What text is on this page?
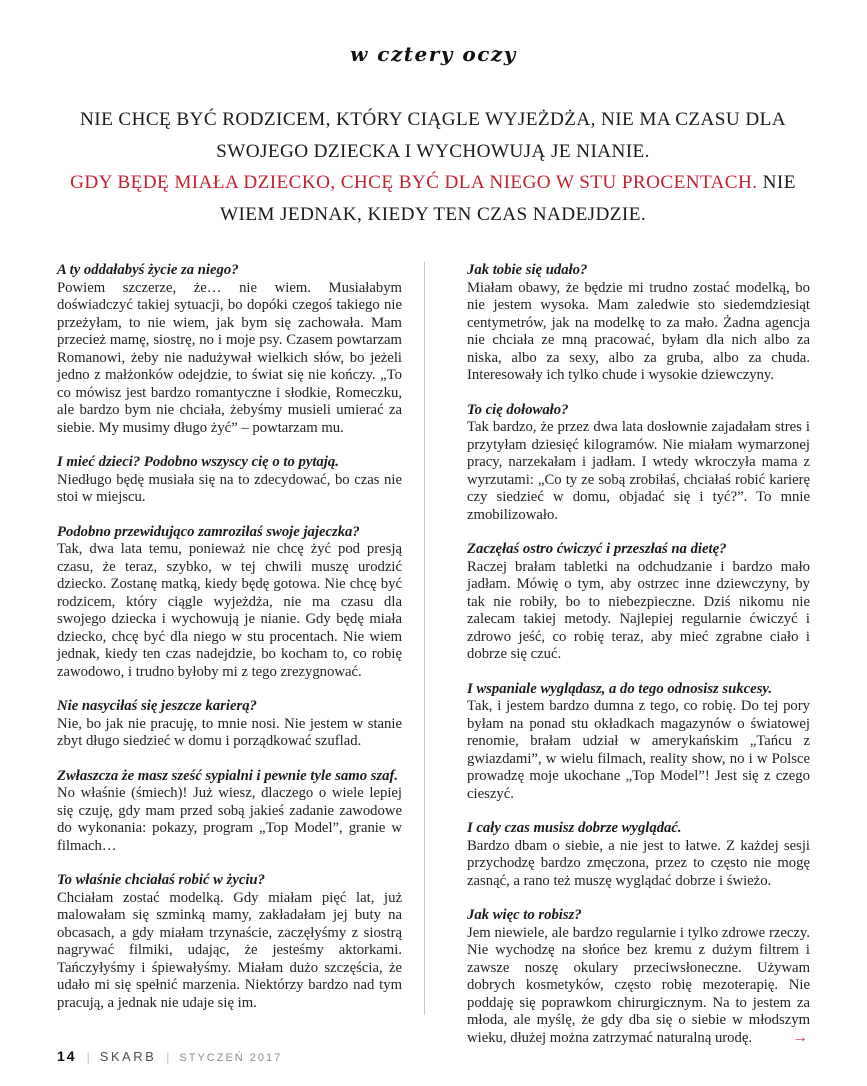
w cztery oczy
NIE CHCĘ BYĆ RODZICEM, KTÓRY CIĄGLE WYJEŻDŻA, NIE MA CZASU DLA SWOJEGO DZIECKA I WYCHOWUJĄ JE NIANIE.
GDY BĘDĘ MIAŁA DZIECKO, CHCĘ BYĆ DLA NIEGO W STU PROCENTACH. NIE WIEM JEDNAK, KIEDY TEN CZAS NADEJDZIE.

A ty oddałabyś życie za niego?

Powiem szczerze, że… nie wiem. Musiałabym doświadczyć takiej sytuacji, bo dopóki czegoś takiego nie przeżyłam, to nie wiem, jak bym się zachowała. Mam przecież mamę, siostrę, no i moje psy. Czasem powtarzam Romanowi, żeby nie nadużywał wielkich słów, bo jeżeli jedno z małżonków odejdzie, to świat się nie kończy. „To co mówisz jest bardzo romantyczne i słodkie, Romeczku, ale bardzo bym nie chciała, żebyśmy musieli umierać za siebie. My musimy długo żyć” – powtarzam mu.

I mieć dzieci? Podobno wszyscy cię o to pytają.

Niedługo będę musiała się na to zdecydować, bo czas nie stoi w miejscu.

Podobno przewidująco zamroziłaś swoje jajeczka?

Tak, dwa lata temu, ponieważ nie chcę żyć pod presją czasu, że teraz, szybko, w tej chwili muszę urodzić dziecko. Zostanę matką, kiedy będę gotowa. Nie chcę być rodzicem, który ciągle wyjeżdża, nie ma czasu dla swojego dziecka i wychowują je nianie. Gdy będę miała dziecko, chcę być dla niego w stu procentach. Nie wiem jednak, kiedy ten czas nadejdzie, bo kocham to, co robię zawodowo, i trudno byłoby mi z tego zrezygnować.

Nie nasyciłaś się jeszcze karierą?

Nie, bo jak nie pracuję, to mnie nosi. Nie jestem w stanie zbyt długo siedzieć w domu i porządkować szuflad.

Zwłaszcza że masz sześć sypialni i pewnie tyle samo szaf.

No właśnie (śmiech)! Już wiesz, dlaczego o wiele lepiej się czuję, gdy mam przed sobą jakieś zadanie zawodowe do wykonania: pokazy, program „Top Model”, granie w filmach…

To właśnie chciałaś robić w życiu?

Chciałam zostać modelką. Gdy miałam pięć lat, już malowałam się szminką mamy, zakładałam jej buty na obcasach, a gdy miałam trzynaście, zaczęłyśmy z siostrą nagrywać filmiki, udając, że jesteśmy aktorkami. Tańczyłyśmy i śpiewałyśmy. Miałam dużo szczęścia, że udało mi się spełnić marzenia. Niektórzy bardzo nad tym pracują, a jednak nie udaje się im.

Jak tobie się udało?

Miałam obawy, że będzie mi trudno zostać modelką, bo nie jestem wysoka. Mam zaledwie sto siedemdziesiąt centymetrów, jak na modelkę to za mało. Żadna agencja nie chciała ze mną pracować, byłam dla nich albo za niska, albo za sexy, albo za gruba, albo za chuda. Interesowały ich tylko chude i wysokie dziewczyny.

To cię dołowało?

Tak bardzo, że przez dwa lata dosłownie zajadałam stres i przytyłam dziesięć kilogramów. Nie miałam wymarzonej pracy, narzekałam i jadłam. I wtedy wkroczyła mama z wyrzutami: „Co ty ze sobą zrobiłaś, chciałaś robić karierę czy siedzieć w domu, objadać się i tyć?”. To mnie zmobilizowało.

Zaczęłaś ostro ćwiczyć i przeszłaś na dietę?

Raczej brałam tabletki na odchudzanie i bardzo mało jadłam. Mówię o tym, aby ostrzec inne dziewczyny, by tak nie robiły, bo to niebezpieczne. Dziś nikomu nie zalecam takiej metody. Najlepiej regularnie ćwiczyć i zdrowo jeść, co robię teraz, aby mieć zgrabne ciało i dobrze się czuć.

I wspaniale wyglądasz, a do tego odnosisz sukcesy.

Tak, i jestem bardzo dumna z tego, co robię. Do tej pory byłam na ponad stu okładkach magazynów o światowej renomie, brałam udział w amerykańskim „Tańcu z gwiazdami”, w wielu filmach, reality show, no i w Polsce prowadzę moje ukochane „Top Model”! Jest się z czego cieszyć.

I cały czas musisz dobrze wyglądać.

Bardzo dbam o siebie, a nie jest to łatwe. Z każdej sesji przychodzę bardzo zmęczona, przez to często nie mogę zasnąć, a rano też muszę wyglądać dobrze i świeżo.

Jak więc to robisz?

Jem niewiele, ale bardzo regularnie i tylko zdrowe rzeczy. Nie wychodzę na słońce bez kremu z dużym filtrem i zawsze noszę okulary przeciwsłoneczne. Używam dobrych kosmetyków, często robię mezoterapię. Nie poddaję się poprawkom chirurgicznym. Na to jestem za młoda, ale myślę, że gdy dba się o siebie w młodszym wieku, dłużej można zatrzymać naturalną urodę.	→
14 | SKARB | STYCZEŃ 2017
